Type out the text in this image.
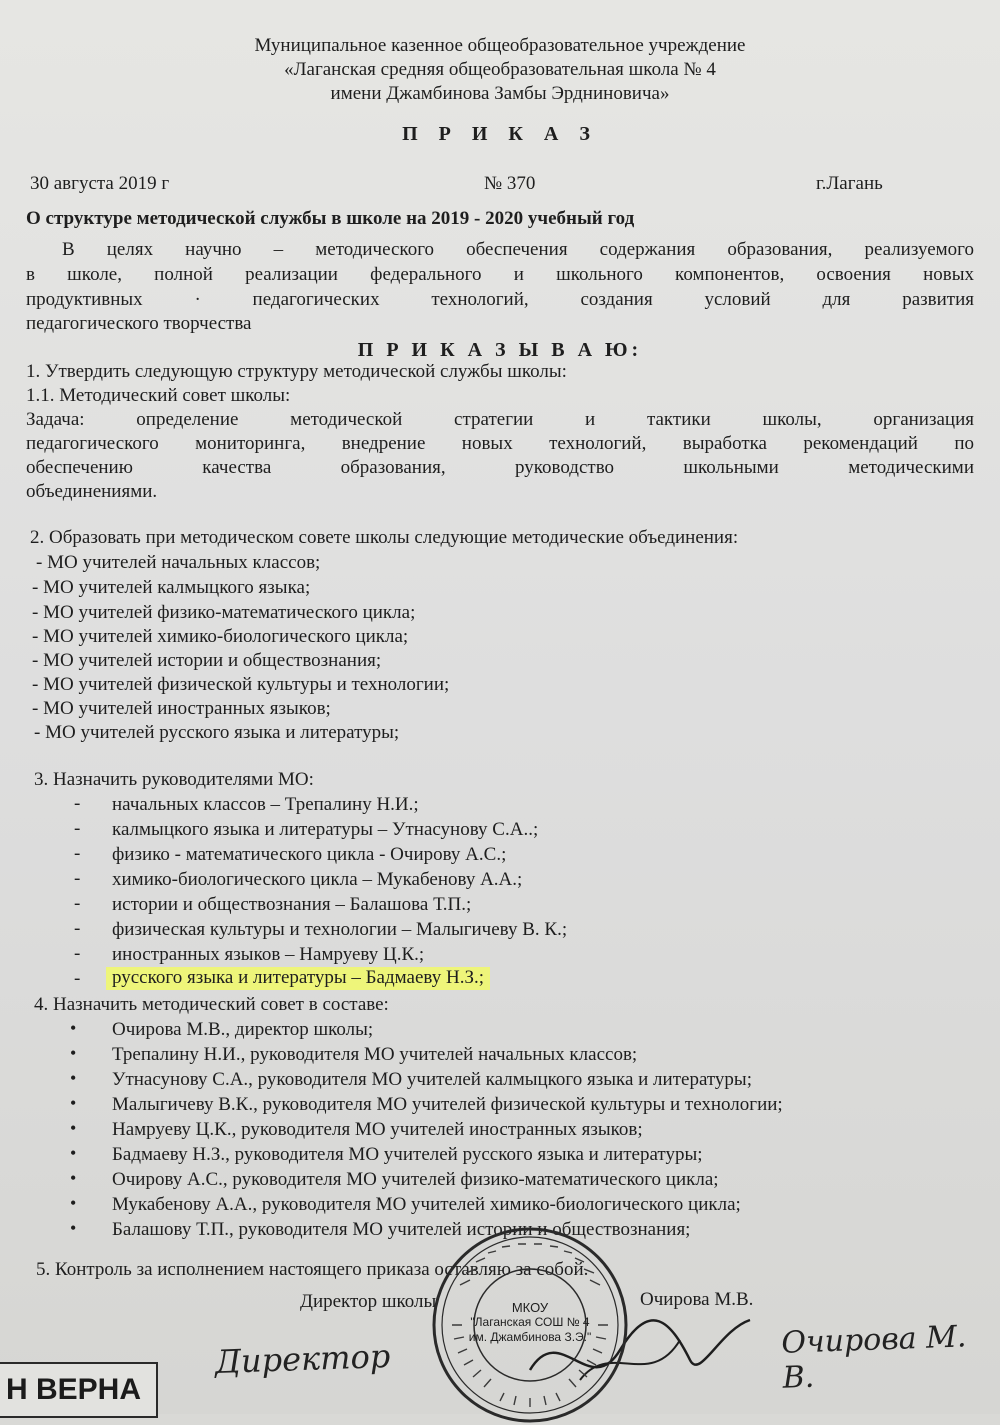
Муниципальное казенное общеобразовательное учреждение
«Лаганская средняя общеобразовательная школа № 4
имени Джамбинова Замбы Эрдниновича»
П Р И К А З
30 августа 2019 г	№ 370	г.Лагань
О структуре методической службы в школе на 2019 - 2020 учебный год
В целях научно – методического обеспечения содержания образования, реализуемого
в школе, полной реализации федерального и школьного компонентов, освоения новых
продуктивных · педагогических технологий, создания условий для развития
педагогического творчества
П Р И К А З Ы В А Ю:
1. Утвердить следующую структуру методической службы школы:
1.1. Методический совет школы:
Задача: определение методической стратегии и тактики школы, организация
педагогического мониторинга, внедрение новых технологий, выработка рекомендаций по
обеспечению качества образования, руководство школьными методическими
объединениями.
2. Образовать при методическом совете школы следующие методические объединения:
- МО учителей начальных классов;
- МО учителей калмыцкого языка;
- МО учителей физико-математического цикла;
- МО учителей химико-биологического цикла;
- МО учителей истории и обществознания;
- МО учителей физической культуры и технологии;
- МО учителей иностранных языков;
- МО учителей русского языка и литературы;
3. Назначить руководителями МО:
- начальных классов – Трепалину Н.И.;
- калмыцкого языка и литературы – Утнасунову С.А..;
- физико - математического цикла - Очирову А.С.;
- химико-биологического цикла – Мукабенову А.А.;
- истории и обществознания – Балашова Т.П.;
- физическая культуры и технологии – Малыгичеву В. К.;
- иностранных языков – Намруеву Ц.К.;
-	русского языка и литературы – Бадмаеву Н.З.;
4. Назначить методический совет в составе:
• Очирова М.В., директор школы;
• Трепалину Н.И., руководителя МО учителей начальных классов;
• Утнасунову С.А., руководителя МО учителей калмыцкого языка и литературы;
• Малыгичеву В.К., руководителя МО учителей физической культуры и технологии;
• Намруеву Ц.К., руководителя МО учителей иностранных языков;
• Бадмаеву Н.З., руководителя МО учителей русского языка и литературы;
• Очирову А.С., руководителя МО учителей физико-математического цикла;
• Мукабенову А.А., руководителя МО учителей химико-биологического цикла;
• Балашову Т.П., руководителя МО учителей истории и обществознания;
5. Контроль за исполнением настоящего приказа оставляю за собой.
Директор школы	Очирова М.В.
Директор	Очирова М. В.
МКОУ
"Лаганская СОШ № 4
им. Джамбинова З.Э."
Н ВЕРНА
